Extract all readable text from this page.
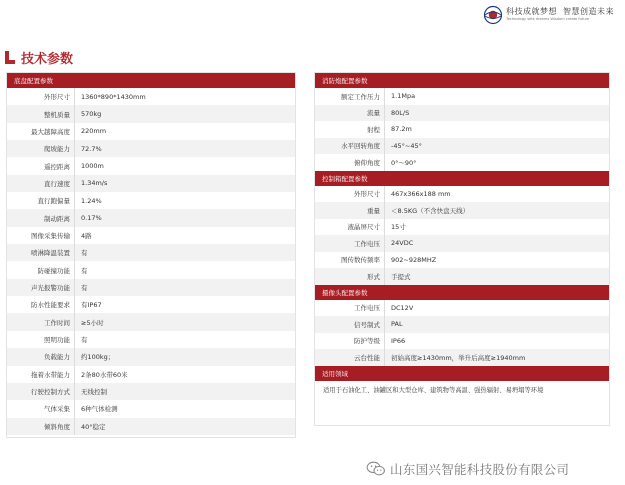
科技成就梦想 智慧创造未来
Technology sets dreams Wisdom create future
技术参数
底盘配置参数
外形尺寸	1360*890*1430mm
整机质量	570kg
最大越障高度	220mm
爬坡能力	72.7%
遥控距离	1000m
直行速度	1.34m/s
直行跑偏量	1.24%
制动距离	0.17%
图像采集传输	4路
喷淋降温装置	有
防碰撞功能	有
声光报警功能	有
防水性能要求	有IP67
工作时间	≥5小时
照明功能	有
负载能力	约100kg；
拖着水带能力	2条80水带60米
行驶控制方式	无线控制
气体采集	6种气体检测
倾斜角度	40°稳定
消防炮配置参数
额定工作压力	1.1Mpa
流量	80L/S
射程	87.2m
水平回转角度	-45°~45°
俯仰角度	0°～90°
控制箱配置参数
外形尺寸	467x366x188 mm
重量	＜8.5KG（不含快盘天线）
液晶屏尺寸	15寸
工作电压	24VDC
图传数传频率	902~928MHZ
形式	手提式
摄像头配置参数
工作电压	DC12V
信号制式	PAL
防护等级	IP66
云台性能	初始高度≥1430mm，举升后高度≥1940mm
适用领域
适用于石油化工、油罐区和大型仓库、建筑物等高温、强热辐射、易坍塌等环境
山东国兴智能科技股份有限公司
